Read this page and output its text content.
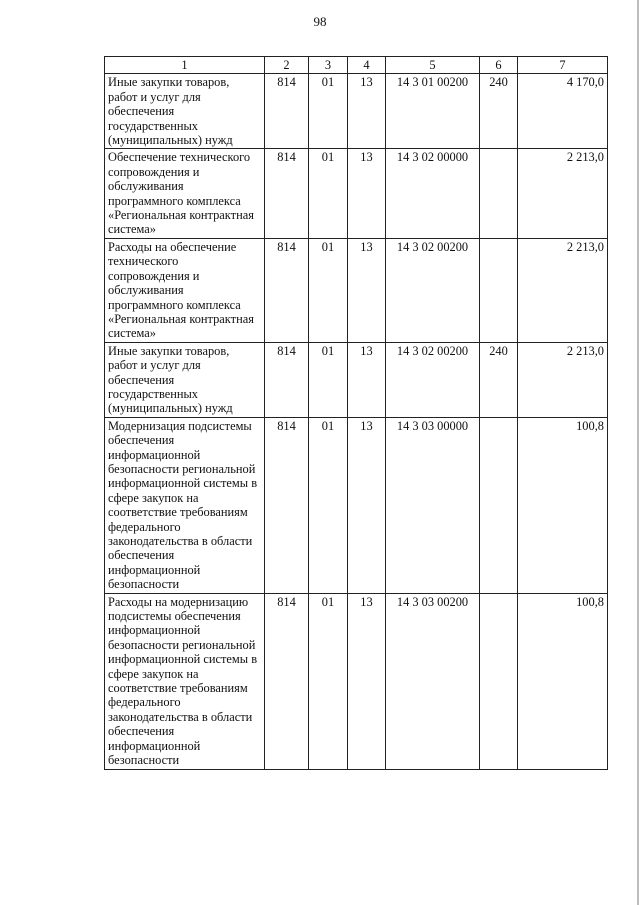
98
1	2	3	4	5	6	7
Иные закупки товаров, работ и услуг для обеспечения государственных (муниципальных) нужд	814	01	13	14 3 01 00200	240	4 170,0
Обеспечение технического сопровождения и обслуживания программного комплекса «Региональная контрактная система»	814	01	13	14 3 02 00000		2 213,0
Расходы на обеспечение технического сопровождения и обслуживания программного комплекса «Региональная контрактная система»	814	01	13	14 3 02 00200		2 213,0
Иные закупки товаров, работ и услуг для обеспечения государственных (муниципальных) нужд	814	01	13	14 3 02 00200	240	2 213,0
Модернизация подсистемы обеспечения информационной безопасности региональной информационной системы в сфере закупок на соответствие требованиям федерального законодательства в области обеспечения информационной безопасности	814	01	13	14 3 03 00000		100,8
Расходы на модернизацию подсистемы обеспечения информационной безопасности региональной информационной системы в сфере закупок на соответствие требованиям федерального законодательства в области обеспечения информационной безопасности	814	01	13	14 3 03 00200		100,8
